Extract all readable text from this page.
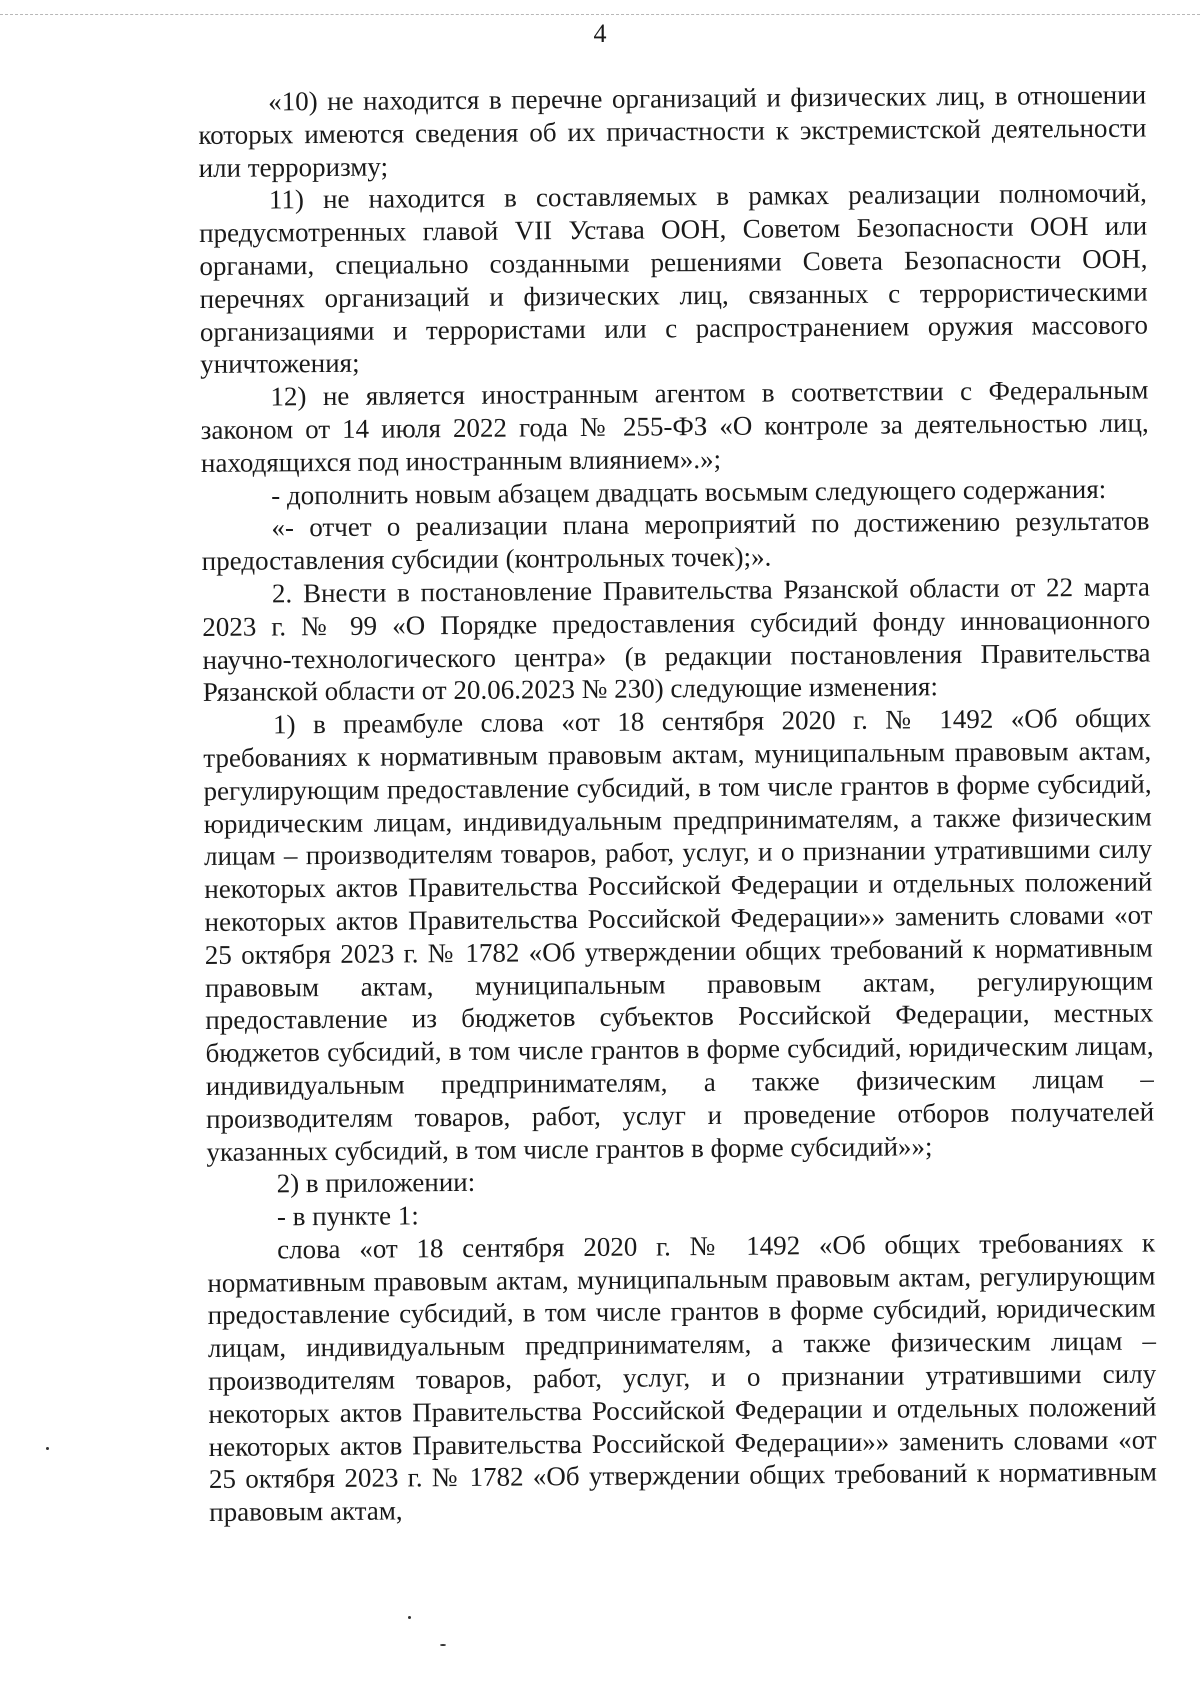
4

«10) не находится в перечне организаций и физических лиц, в отношении которых имеются сведения об их причастности к экстремистской деятельности или терроризму;

11) не находится в составляемых в рамках реализации полномочий, предусмотренных главой VII Устава ООН, Советом Безопасности ООН или органами, специально созданными решениями Совета Безопасности ООН, перечнях организаций и физических лиц, связанных с террористическими организациями и террористами или с распространением оружия массового уничтожения;

12) не является иностранным агентом в соответствии с Федеральным законом от 14 июля 2022 года № 255-ФЗ «О контроле за деятельностью лиц, находящихся под иностранным влиянием».»;

- дополнить новым абзацем двадцать восьмым следующего содержания:

«- отчет о реализации плана мероприятий по достижению результатов предоставления субсидии (контрольных точек);».

2. Внести в постановление Правительства Рязанской области от 22 марта 2023 г. № 99 «О Порядке предоставления субсидий фонду инновационного научно-технологического центра» (в редакции постановления Правительства Рязанской области от 20.06.2023 № 230) следующие изменения:

1) в преамбуле слова «от 18 сентября 2020 г. № 1492 «Об общих требованиях к нормативным правовым актам, муниципальным правовым актам, регулирующим предоставление субсидий, в том числе грантов в форме субсидий, юридическим лицам, индивидуальным предпринимателям, а также физическим лицам – производителям товаров, работ, услуг, и о признании утратившими силу некоторых актов Правительства Российской Федерации и отдельных положений некоторых актов Правительства Российской Федерации»» заменить словами «от 25 октября 2023 г. № 1782 «Об утверждении общих требований к нормативным правовым актам, муниципальным правовым актам, регулирующим предоставление из бюджетов субъектов Российской Федерации, местных бюджетов субсидий, в том числе грантов в форме субсидий, юридическим лицам, индивидуальным предпринимателям, а также физическим лицам – производителям товаров, работ, услуг и проведение отборов получателей указанных субсидий, в том числе грантов в форме субсидий»»;

2) в приложении:

- в пункте 1:

слова «от 18 сентября 2020 г. № 1492 «Об общих требованиях к нормативным правовым актам, муниципальным правовым актам, регулирующим предоставление субсидий, в том числе грантов в форме субсидий, юридическим лицам, индивидуальным предпринимателям, а также физическим лицам – производителям товаров, работ, услуг, и о признании утратившими силу некоторых актов Правительства Российской Федерации и отдельных положений некоторых актов Правительства Российской Федерации»» заменить словами «от 25 октября 2023 г. № 1782 «Об утверждении общих требований к нормативным правовым актам,
